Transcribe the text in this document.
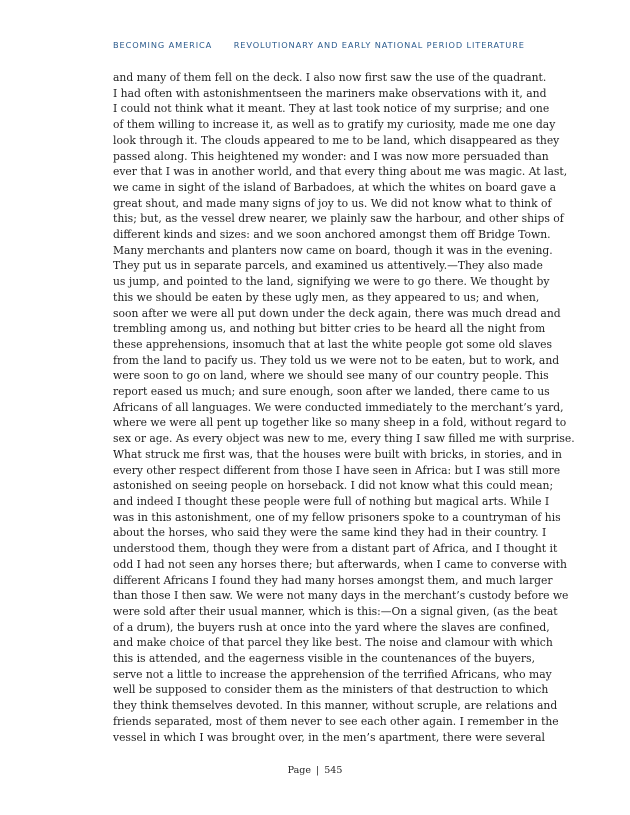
BECOMING AMERICA	REVOLUTIONARY AND EARLY NATIONAL PERIOD LITERATURE
and many of them fell on the deck. I also now first saw the use of the quadrant.
I had often with astonishmentseen the mariners make observations with it, and
I could not think what it meant. They at last took notice of my surprise; and one
of them willing to increase it, as well as to gratify my curiosity, made me one day
look through it. The clouds appeared to me to be land, which disappeared as they
passed along. This heightened my wonder: and I was now more persuaded than
ever that I was in another world, and that every thing about me was magic. At last,
we came in sight of the island of Barbadoes, at which the whites on board gave a
great shout, and made many signs of joy to us. We did not know what to think of
this; but, as the vessel drew nearer, we plainly saw the harbour, and other ships of
different kinds and sizes: and we soon anchored amongst them off Bridge Town.
Many merchants and planters now came on board, though it was in the evening.
They put us in separate parcels, and examined us attentively.—They also made
us jump, and pointed to the land, signifying we were to go there. We thought by
this we should be eaten by these ugly men, as they appeared to us; and when,
soon after we were all put down under the deck again, there was much dread and
trembling among us, and nothing but bitter cries to be heard all the night from
these apprehensions, insomuch that at last the white people got some old slaves
from the land to pacify us. They told us we were not to be eaten, but to work, and
were soon to go on land, where we should see many of our country people. This
report eased us much; and sure enough, soon after we landed, there came to us
Africans of all languages. We were conducted immediately to the merchant’s yard,
where we were all pent up together like so many sheep in a fold, without regard to
sex or age. As every object was new to me, every thing I saw filled me with surprise.
What struck me first was, that the houses were built with bricks, in stories, and in
every other respect different from those I have seen in Africa: but I was still more
astonished on seeing people on horseback. I did not know what this could mean;
and indeed I thought these people were full of nothing but magical arts. While I
was in this astonishment, one of my fellow prisoners spoke to a countryman of his
about the horses, who said they were the same kind they had in their country. I
understood them, though they were from a distant part of Africa, and I thought it
odd I had not seen any horses there; but afterwards, when I came to converse with
different Africans I found they had many horses amongst them, and much larger
than those I then saw. We were not many days in the merchant’s custody before we
were sold after their usual manner, which is this:—On a signal given, (as the beat
of a drum), the buyers rush at once into the yard where the slaves are confined,
and make choice of that parcel they like best. The noise and clamour with which
this is attended, and the eagerness visible in the countenances of the buyers,
serve not a little to increase the apprehension of the terrified Africans, who may
well be supposed to consider them as the ministers of that destruction to which
they think themselves devoted. In this manner, without scruple, are relations and
friends separated, most of them never to see each other again. I remember in the
vessel in which I was brought over, in the men’s apartment, there were several
Page | 545
